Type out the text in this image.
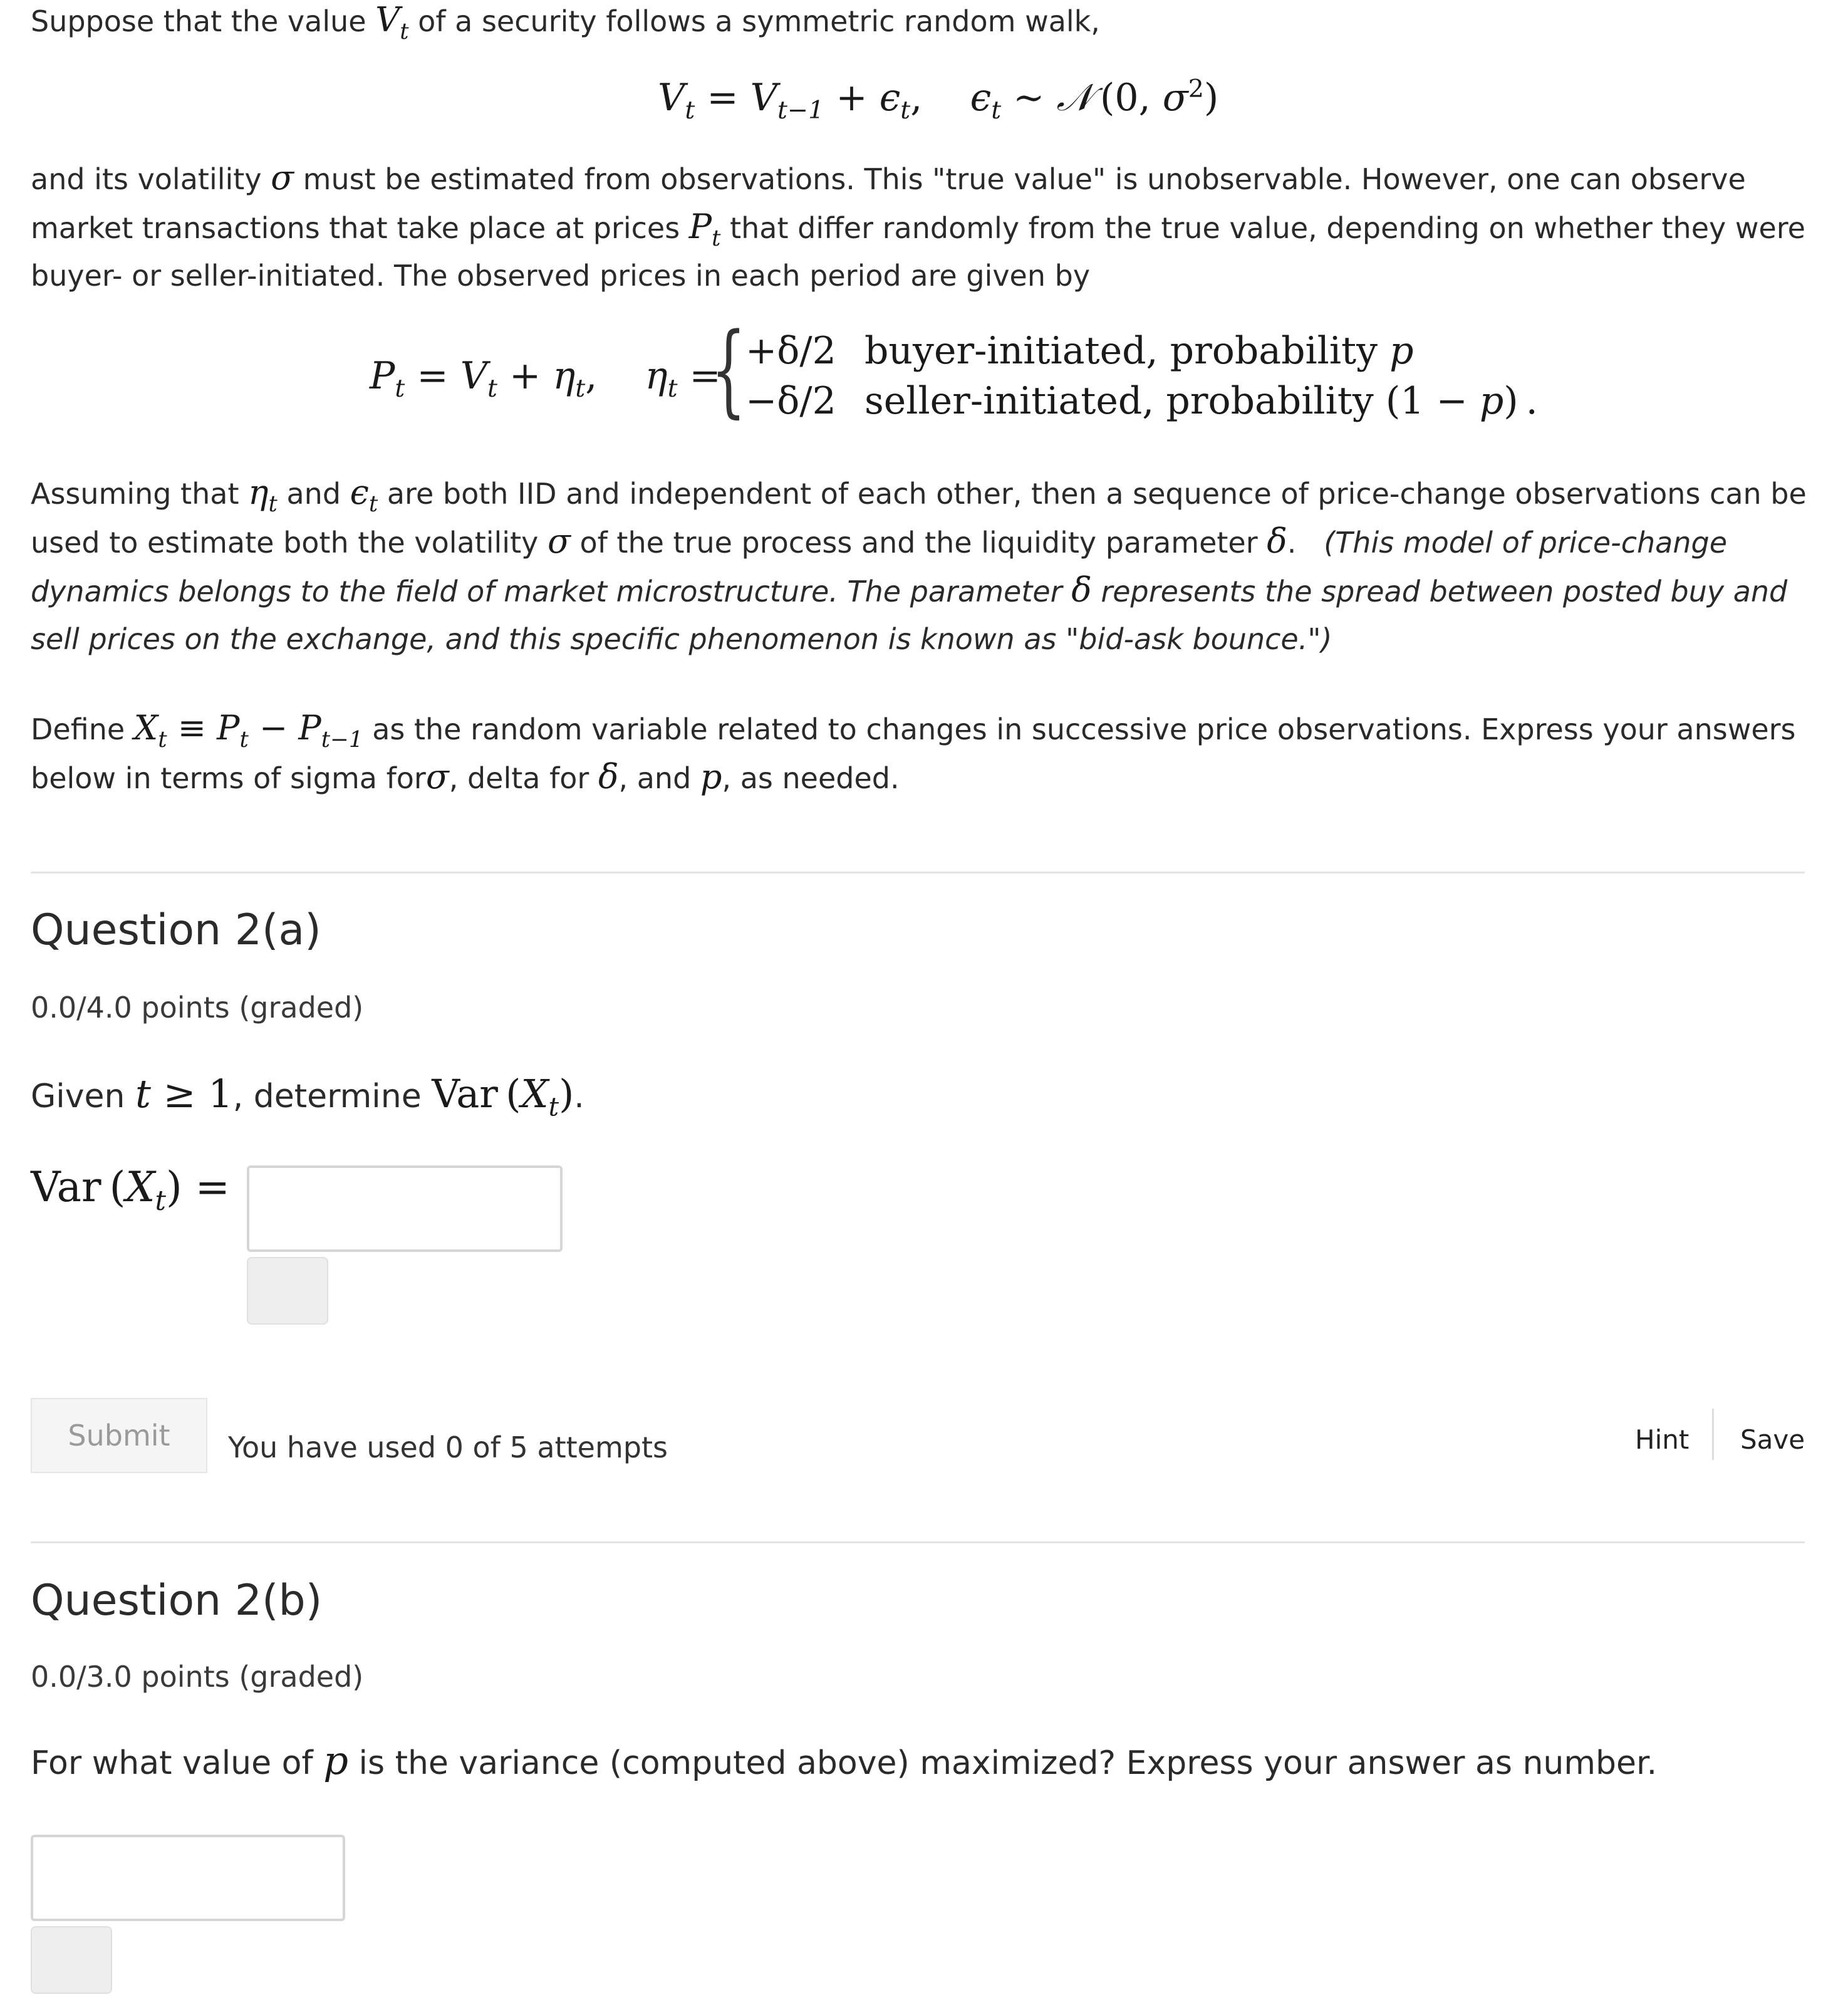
Suppose that the value $V_t$ of a security follows a symmetric random walk,
$V_t = V_{t-1} + \epsilon_t$,    $\epsilon_t$ ∼ 𝒩 (0, $\sigma^2$)
and its volatility σ must be estimated from observations. This "true value" is unobservable. However, one can observe market transactions that take place at prices $P_t$ that differ randomly from the true value, depending on whether they were buyer- or seller-initiated. The observed prices in each period are given by
$P_t = V_t + \eta_t$,    $\eta_t$ =
{ +δ/2 buyer-initiated, probability p
−δ/2 seller-initiated, probability (1 − p) .
Assuming that $\eta_t$ and $\epsilon_t$ are both IID and independent of each other, then a sequence of price-change observations can be used to estimate both the volatility σ of the true process and the liquidity parameter δ.   (This model of price-change dynamics belongs to the field of market microstructure. The parameter δ represents the spread between posted buy and sell prices on the exchange, and this specific phenomenon is known as "bid-ask bounce.")
Define $X_t \equiv P_t - P_{t-1}$ as the random variable related to changes in successive price observations. Express your answers below in terms of sigma forσ, delta for δ, and p, as needed.
Question 2(a)
0.0/4.0 points (graded)
Given t ≥ 1, determine Var $(X_t)$.
Var $(X_t)$ =
Submit	You have used 0 of 5 attempts	Hint Save
Question 2(b)
0.0/3.0 points (graded)
For what value of p is the variance (computed above) maximized? Express your answer as number.
